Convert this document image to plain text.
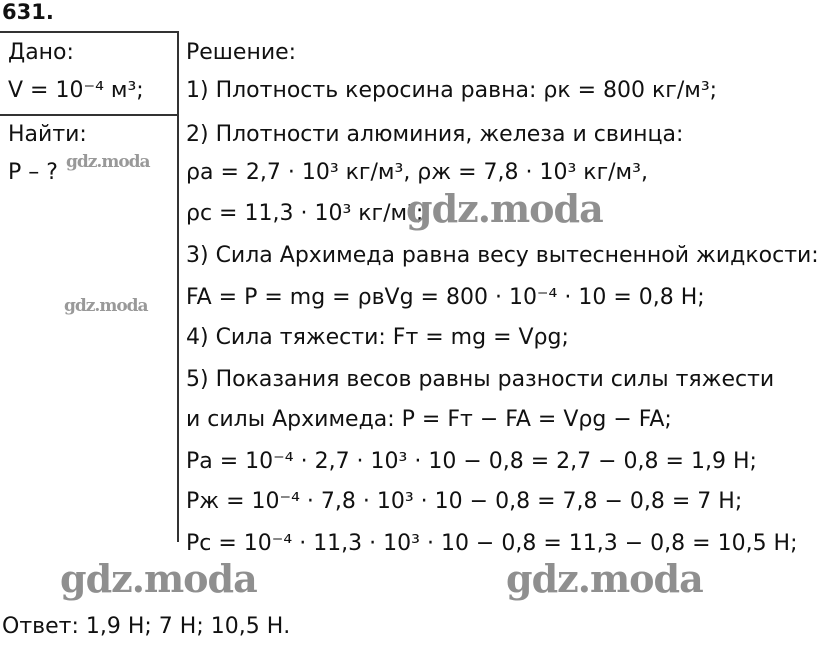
631.
Дано:
V = 10⁻⁴ м³;
Найти:
P – ?
Решение:
1) Плотность керосина равна: ρк = 800 кг/м³;
2) Плотности алюминия, железа и свинца:
ρа = 2,7 · 10³ кг/м³, ρж = 7,8 · 10³ кг/м³,
ρс = 11,3 · 10³ кг/м³;
3) Сила Архимеда равна весу вытесненной жидкости:
FA = P = mg = ρвVg = 800 · 10⁻⁴ · 10 = 0,8 Н;
4) Сила тяжести: Fт = mg = Vρg;
5) Показания весов равны разности силы тяжести
и силы Архимеда: P = Fт − FA = Vρg − FA;
Pа = 10⁻⁴ · 2,7 · 10³ · 10 − 0,8 = 2,7 − 0,8 = 1,9 Н;
Pж = 10⁻⁴ · 7,8 · 10³ · 10 − 0,8 = 7,8 − 0,8 = 7 Н;
Pс = 10⁻⁴ · 11,3 · 10³ · 10 − 0,8 = 11,3 − 0,8 = 10,5 Н;
Ответ: 1,9 Н; 7 Н; 10,5 Н.
gdz.moda
gdz.moda
gdz.moda
gdz.moda	gdz.moda
